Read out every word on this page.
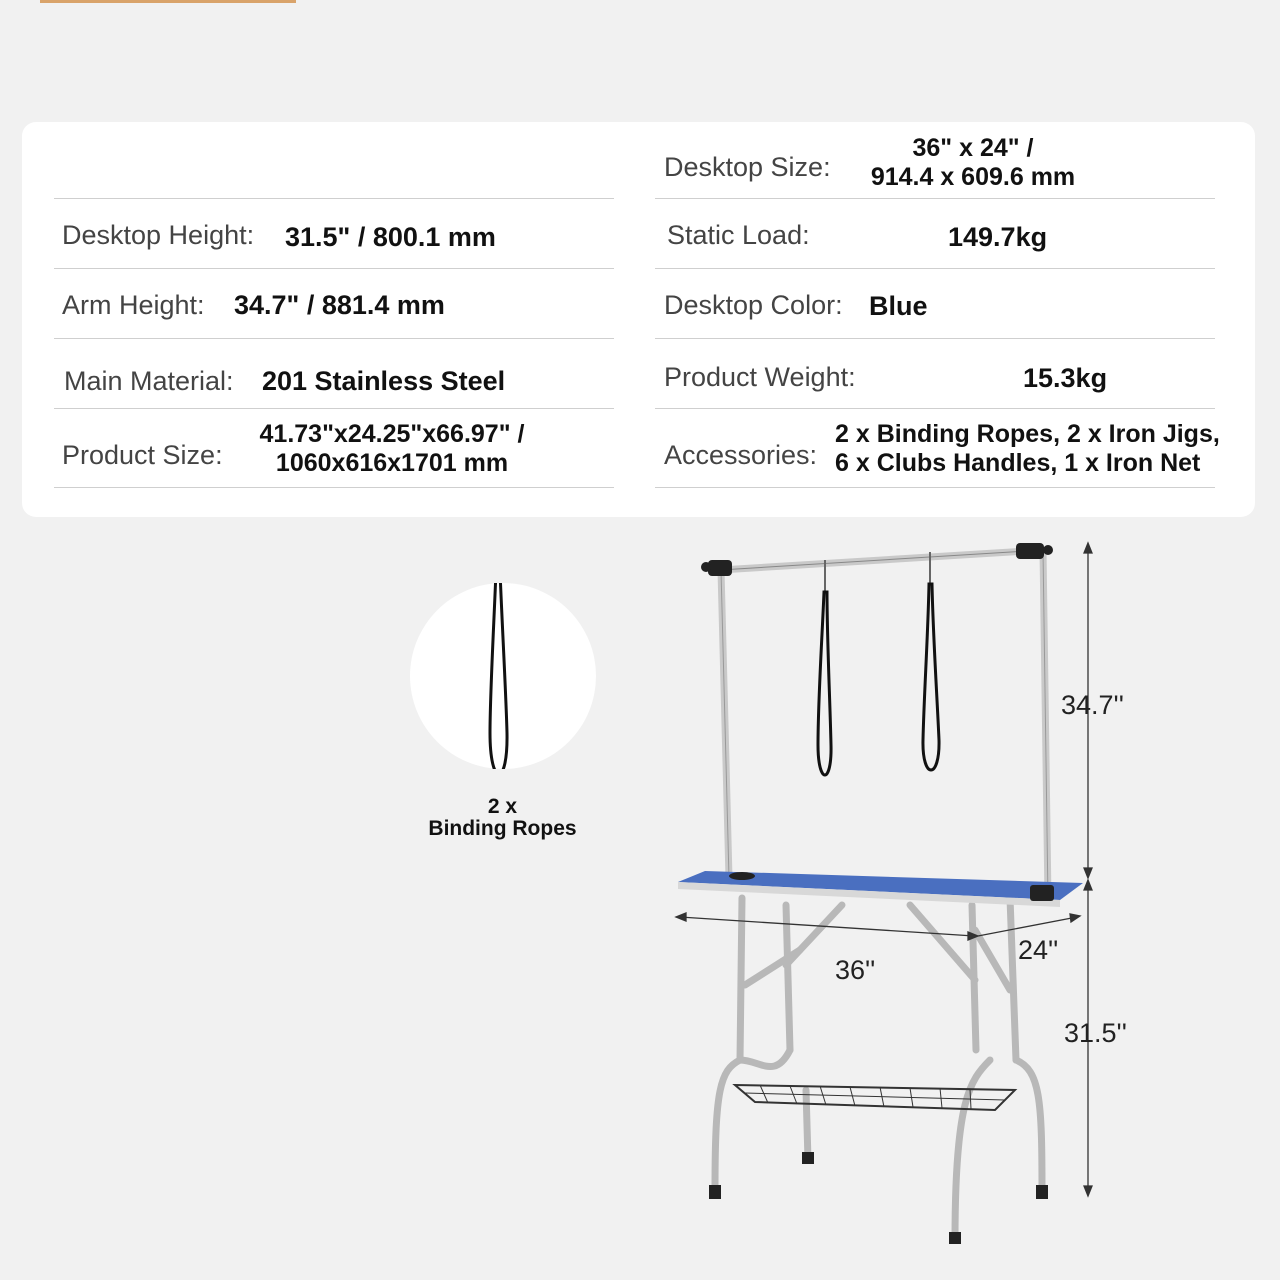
Desktop Height: 31.5" / 800.1 mm
Arm Height: 34.7" / 881.4 mm
Main Material: 201 Stainless Steel
Product Size:
41.73"x24.25"x66.97" /
1060x616x1701 mm
Desktop Size:
36" x 24" /
914.4 x 609.6 mm
Static Load:	149.7kg
Desktop Color: Blue
Product Weight:	15.3kg
Accessories:
2 x Binding Ropes, 2 x Iron Jigs,
6 x Clubs Handles, 1 x Iron Net
2 x
Binding Ropes
34.7''
31.5''
36''
24''
